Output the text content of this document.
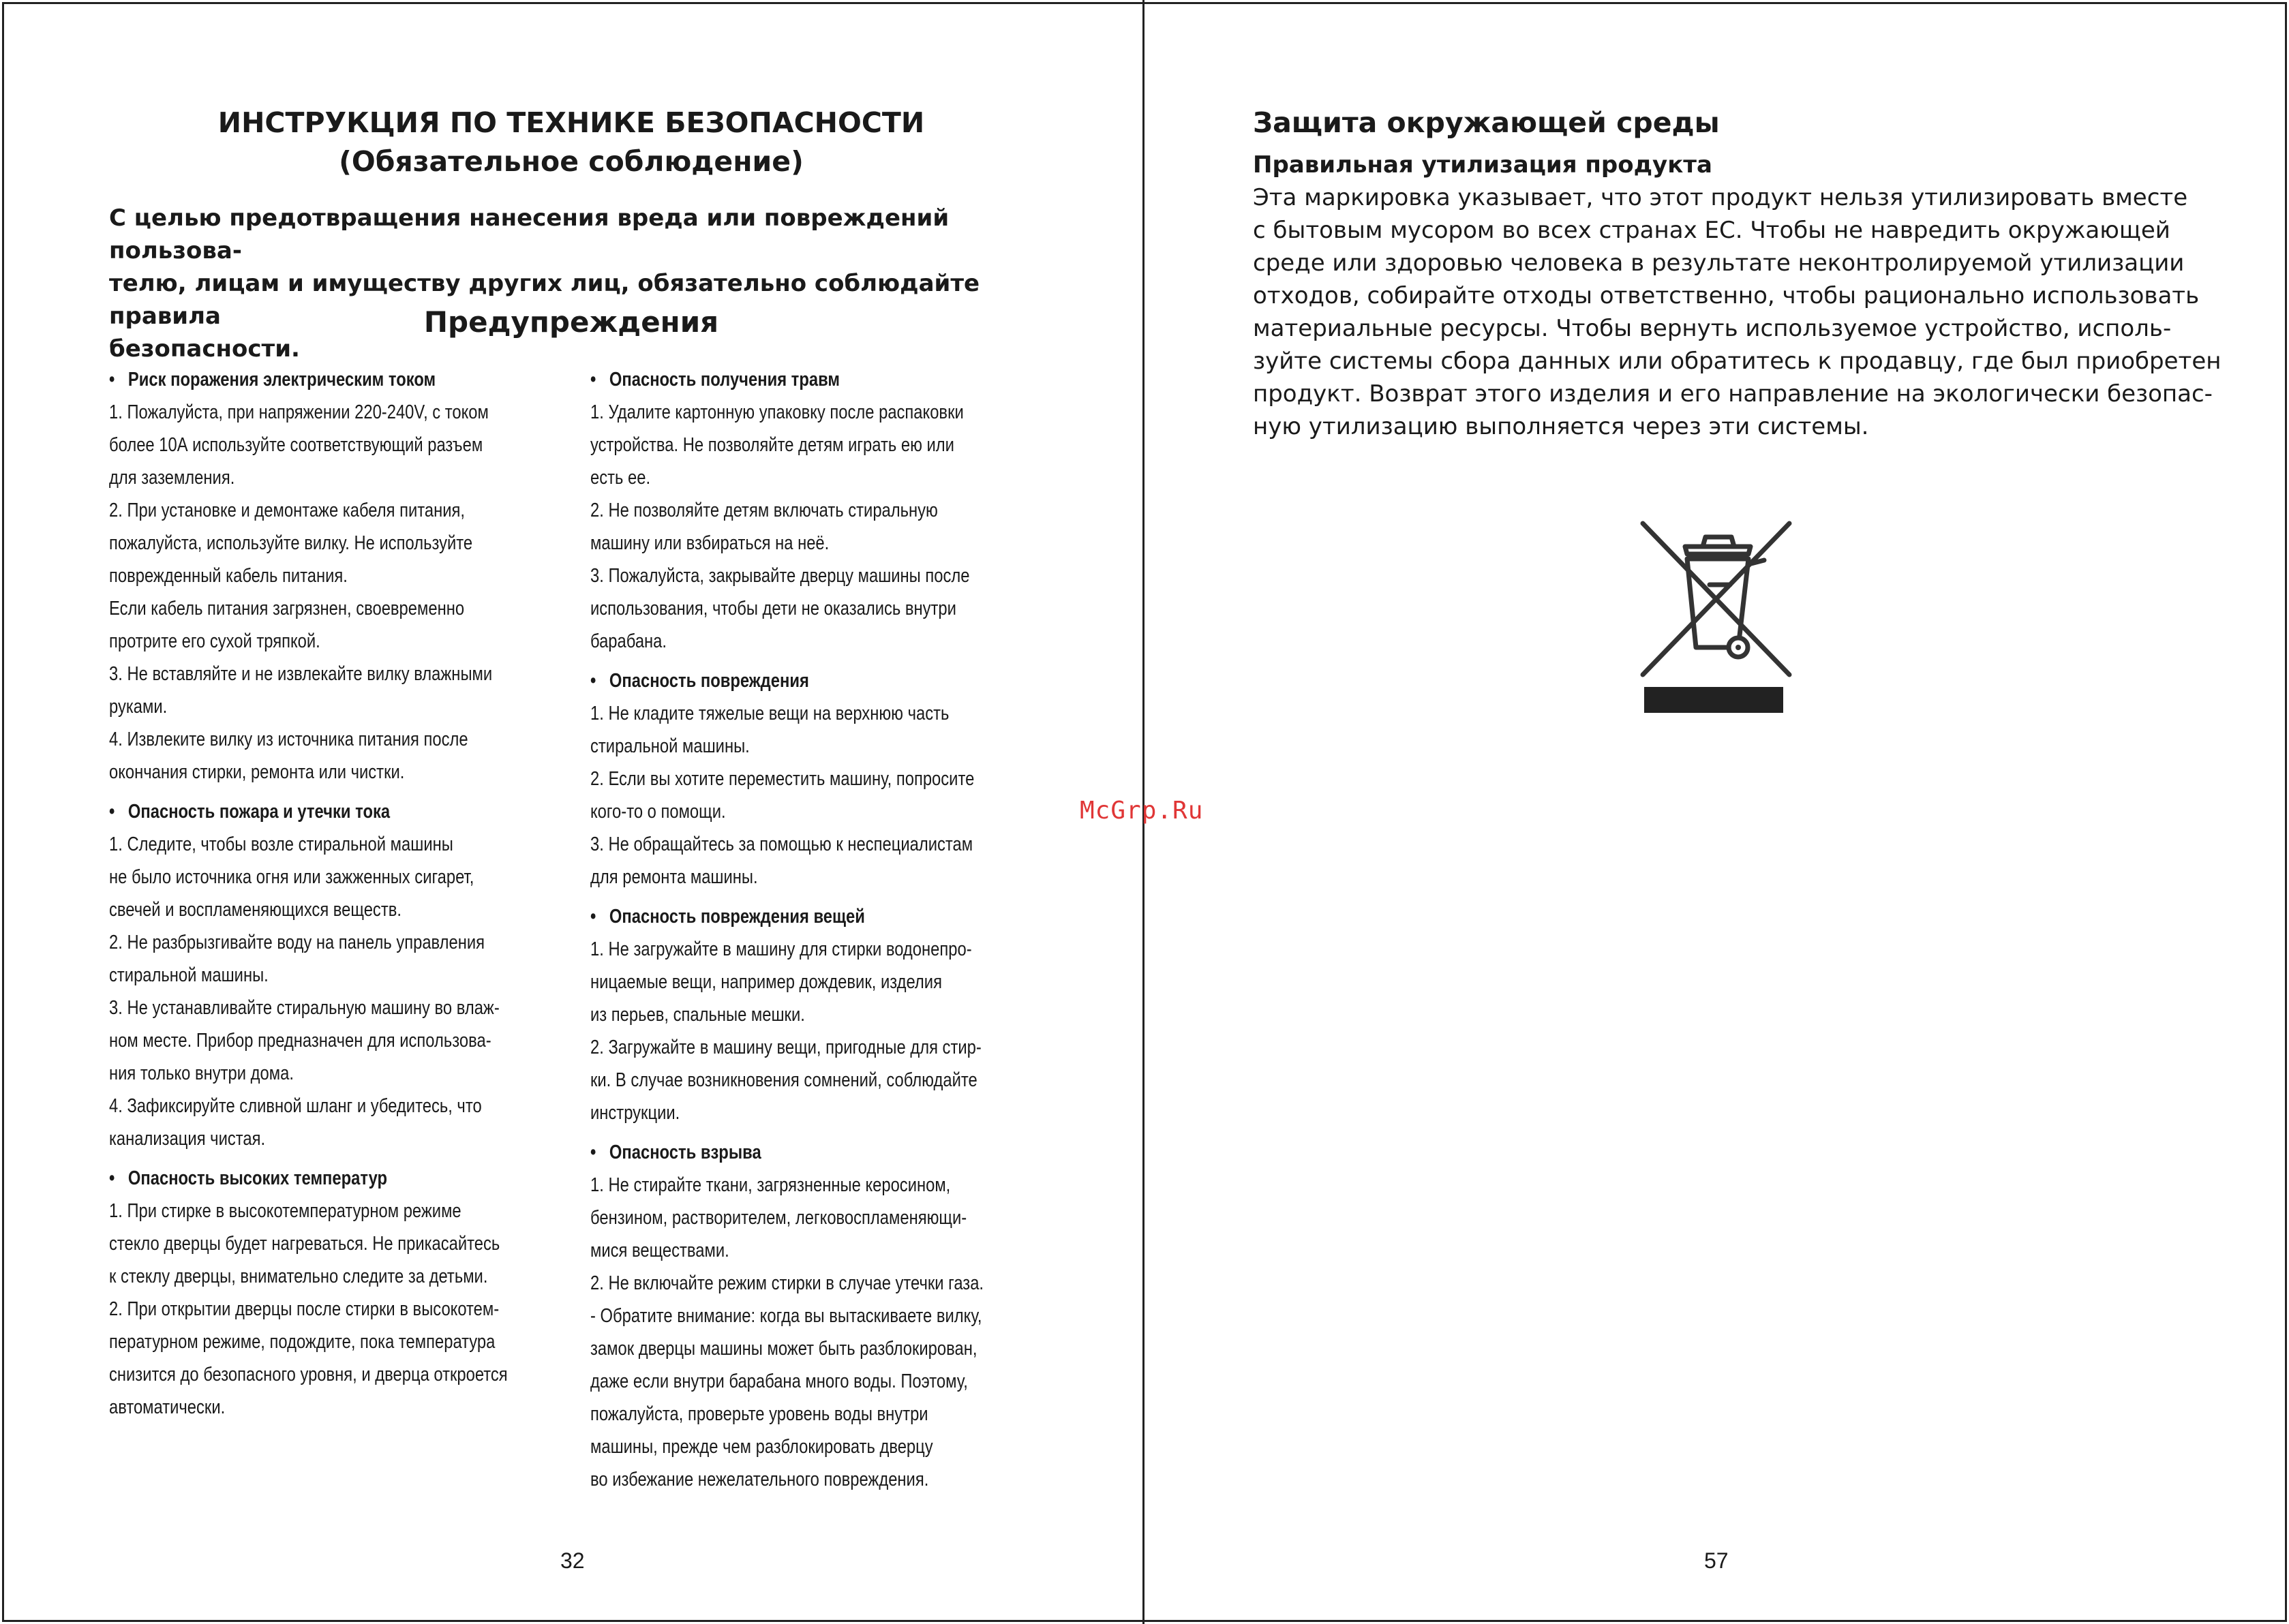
ИНСТРУКЦИЯ ПО ТЕХНИКЕ БЕЗОПАСНОСТИ
(Обязательное соблюдение)
С целью предотвращения нанесения вреда или повреждений пользова-
телю, лицам и имуществу других лиц, обязательно соблюдайте правила
безопасности.
Предупреждения
• Риск поражения электрическим током
1. Пожалуйста, при напряжении 220-240V, с током
более 10А используйте соответствующий разъем
для заземления.
2. При установке и демонтаже кабеля питания,
пожалуйста, используйте вилку. Не используйте
поврежденный кабель питания.
Если кабель питания загрязнен, своевременно
протрите его сухой тряпкой.
3. Не вставляйте и не извлекайте вилку влажными
руками.
4. Извлеките вилку из источника питания после
окончания стирки, ремонта или чистки.
• Опасность пожара и утечки тока
1. Следите, чтобы возле стиральной машины
не было источника огня или зажженных сигарет,
свечей и воспламеняющихся веществ.
2. Не разбрызгивайте воду на панель управления
стиральной машины.
3. Не устанавливайте стиральную машину во влаж-
ном месте. Прибор предназначен для использова-
ния только внутри дома.
4. Зафиксируйте сливной шланг и убедитесь, что
канализация чистая.
• Опасность высоких температур
1. При стирке в высокотемпературном режиме
стекло дверцы будет нагреваться. Не прикасайтесь
к стеклу дверцы, внимательно следите за детьми.
2. При открытии дверцы после стирки в высокотем-
пературном режиме, подождите, пока температура
снизится до безопасного уровня, и дверца откроется
автоматически.
• Опасность получения травм
1. Удалите картонную упаковку после распаковки
устройства. Не позволяйте детям играть ею или
есть ее.
2. Не позволяйте детям включать стиральную
машину или взбираться на неё.
3. Пожалуйста, закрывайте дверцу машины после
использования, чтобы дети не оказались внутри
барабана.
• Опасность повреждения
1. Не кладите тяжелые вещи на верхнюю часть
стиральной машины.
2. Если вы хотите переместить машину, попросите
кого-то о помощи.
3. Не обращайтесь за помощью к неспециалистам
для ремонта машины.
• Опасность повреждения вещей
1. Не загружайте в машину для стирки водонепро-
ницаемые вещи, например дождевик, изделия
из перьев, спальные мешки.
2. Загружайте в машину вещи, пригодные для стир-
ки. В случае возникновения сомнений, соблюдайте
инструкции.
• Опасность взрыва
1. Не стирайте ткани, загрязненные керосином,
бензином, растворителем, легковоспламеняющи-
мися веществами.
2. Не включайте режим стирки в случае утечки газа.
- Обратите внимание: когда вы вытаскиваете вилку,
замок дверцы машины может быть разблокирован,
даже если внутри барабана много воды. Поэтому,
пожалуйста, проверьте уровень воды внутри
машины, прежде чем разблокировать дверцу
во избежание нежелательного повреждения.
32
McGrp.Ru
57
Защита окружающей среды
Правильная утилизация продукта
Эта маркировка указывает, что этот продукт нельзя утилизировать вместе
с бытовым мусором во всех странах ЕС. Чтобы не навредить окружающей
среде или здоровью человека в результате неконтролируемой утилизации
отходов, собирайте отходы ответственно, чтобы рационально использовать
материальные ресурсы. Чтобы вернуть используемое устройство, исполь-
зуйте системы сбора данных или обратитесь к продавцу, где был приобретен
продукт. Возврат этого изделия и его направление на экологически безопас-
ную утилизацию выполняется через эти системы.
